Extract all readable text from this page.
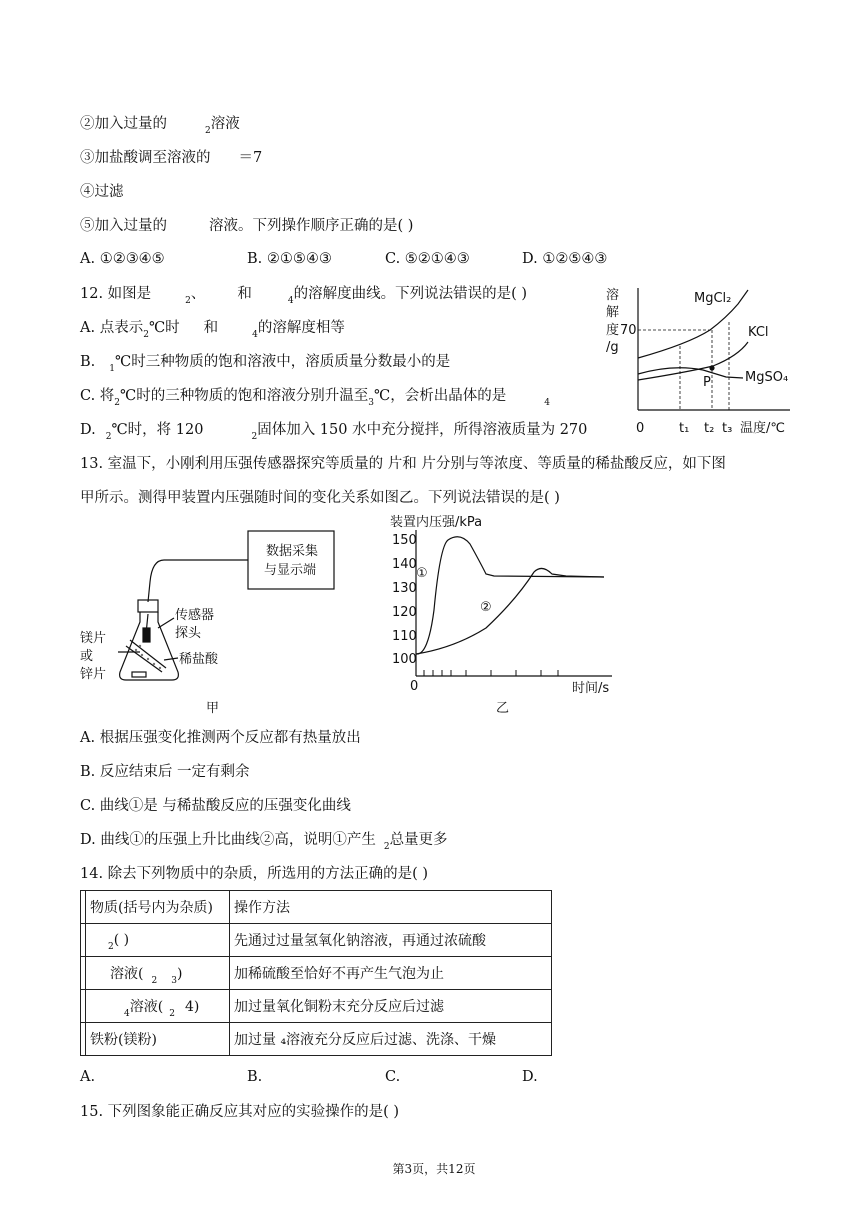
②加入过量的	$_2$溶液
③加盐酸调至溶液的 ＝7
④过滤
⑤加入过量的	溶液。下列操作顺序正确的是( )
A. ①②③④⑤	B. ②①⑤④③	C. ⑤②①④③	D. ①②⑤④③
12. 如图是	$_2$、 和	$_4$的溶解度曲线。下列说法错误的是( )
A. 点表示$_2$℃时 和	$_4$的溶解度相等
B. $_1$℃时三种物质的饱和溶液中，溶质质量分数最小的是
C. 将$_2$℃时的三种物质的饱和溶液分别升温至$_3$℃，会析出晶体的是	$_4$
D. $_2$℃时，将 120	$_2$固体加入 150 水中充分搅拌，所得溶液质量为 270
溶
解
度
/g
70
0	t₁ t₂ t₃ 温度/℃
MgCl₂
KCl
MgSO₄
P
13. 室温下，小刚利用压强传感器探究等质量的 片和 片分别与等浓度、等质量的稀盐酸反应，如下图
甲所示。测得甲装置内压强随时间的变化关系如图乙。下列说法错误的是( )
数据采集
与显示端
传感器
探头
镁片
或
锌片
稀盐酸
甲
装置内压强/kPa
150
140
130
120
110
100
0	时间/s
①
②
乙
A. 根据压强变化推测两个反应都有热量放出
B. 反应结束后 一定有剩余
C. 曲线①是 与稀盐酸反应的压强变化曲线
D. 曲线①的压强上升比曲线②高，说明①产生 $_2$总量更多
14. 除去下列物质中的杂质，所选用的方法正确的是( )
	物质(括号内为杂质)	操作方法
	$_2$( )	先通过过量氢氧化钠溶液，再通过浓硫酸
	溶液( $_2$ $_3$)	加稀硫酸至恰好不再产生气泡为止
	$_4$溶液( $_2$ 4)	加过量氧化铜粉末充分反应后过滤
	铁粉(镁粉)	加过量 ₄溶液充分反应后过滤、洗涤、干燥
A.	B.	C.	D.
15. 下列图象能正确反应其对应的实验操作的是( )
第3页，共12页
